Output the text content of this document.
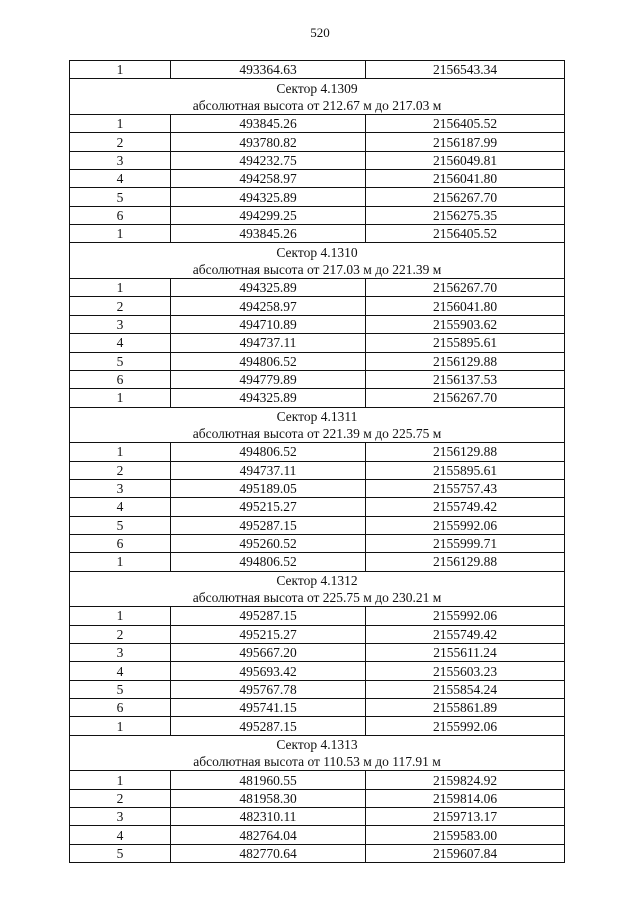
520
1	493364.63	2156543.34
Сектор 4.1309		
абсолютная высота от 212.67 м до 217.03 м		
1	493845.26	2156405.52
2	493780.82	2156187.99
3	494232.75	2156049.81
4	494258.97	2156041.80
5	494325.89	2156267.70
6	494299.25	2156275.35
1	493845.26	2156405.52
Сектор 4.1310		
абсолютная высота от 217.03 м до 221.39 м		
1	494325.89	2156267.70
2	494258.97	2156041.80
3	494710.89	2155903.62
4	494737.11	2155895.61
5	494806.52	2156129.88
6	494779.89	2156137.53
1	494325.89	2156267.70
Сектор 4.1311		
абсолютная высота от 221.39 м до 225.75 м		
1	494806.52	2156129.88
2	494737.11	2155895.61
3	495189.05	2155757.43
4	495215.27	2155749.42
5	495287.15	2155992.06
6	495260.52	2155999.71
1	494806.52	2156129.88
Сектор 4.1312		
абсолютная высота от 225.75 м до 230.21 м		
1	495287.15	2155992.06
2	495215.27	2155749.42
3	495667.20	2155611.24
4	495693.42	2155603.23
5	495767.78	2155854.24
6	495741.15	2155861.89
1	495287.15	2155992.06
Сектор 4.1313		
абсолютная высота от 110.53 м до 117.91 м		
1	481960.55	2159824.92
2	481958.30	2159814.06
3	482310.11	2159713.17
4	482764.04	2159583.00
5	482770.64	2159607.84
